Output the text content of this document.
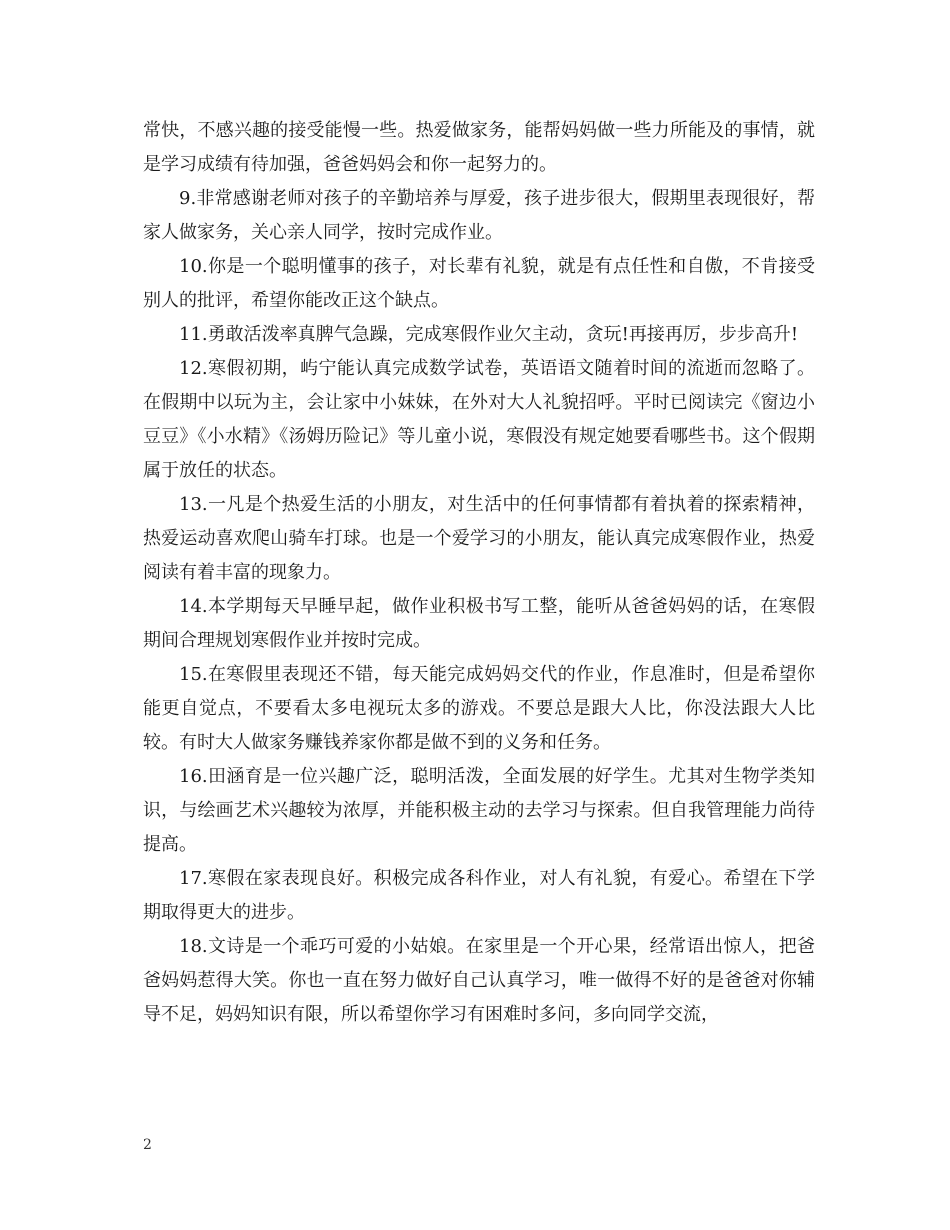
常快，不感兴趣的接受能慢一些。热爱做家务，能帮妈妈做一些力所能及的事情，就是学习成绩有待加强，爸爸妈妈会和你一起努力的。

9.非常感谢老师对孩子的辛勤培养与厚爱，孩子进步很大，假期里表现很好，帮家人做家务，关心亲人同学，按时完成作业。

10.你是一个聪明懂事的孩子，对长辈有礼貌，就是有点任性和自傲，不肯接受别人的批评，希望你能改正这个缺点。

11.勇敢活泼率真脾气急躁，完成寒假作业欠主动，贪玩!再接再厉，步步高升!

12.寒假初期，屿宁能认真完成数学试卷，英语语文随着时间的流逝而忽略了。在假期中以玩为主，会让家中小妹妹，在外对大人礼貌招呼。平时已阅读完《窗边小豆豆》《小水精》《汤姆历险记》等儿童小说，寒假没有规定她要看哪些书。这个假期属于放任的状态。

13.一凡是个热爱生活的小朋友，对生活中的任何事情都有着执着的探索精神，热爱运动喜欢爬山骑车打球。也是一个爱学习的小朋友，能认真完成寒假作业，热爱阅读有着丰富的现象力。

14.本学期每天早睡早起，做作业积极书写工整，能听从爸爸妈妈的话，在寒假期间合理规划寒假作业并按时完成。

15.在寒假里表现还不错，每天能完成妈妈交代的作业，作息准时，但是希望你能更自觉点，不要看太多电视玩太多的游戏。不要总是跟大人比，你没法跟大人比较。有时大人做家务赚钱养家你都是做不到的义务和任务。

16.田涵育是一位兴趣广泛，聪明活泼，全面发展的好学生。尤其对生物学类知识，与绘画艺术兴趣较为浓厚，并能积极主动的去学习与探索。但自我管理能力尚待提高。

17.寒假在家表现良好。积极完成各科作业，对人有礼貌，有爱心。希望在下学期取得更大的进步。

18.文诗是一个乖巧可爱的小姑娘。在家里是一个开心果，经常语出惊人，把爸爸妈妈惹得大笑。你也一直在努力做好自己认真学习，唯一做得不好的是爸爸对你辅导不足，妈妈知识有限，所以希望你学习有困难时多问，多向同学交流，

2
